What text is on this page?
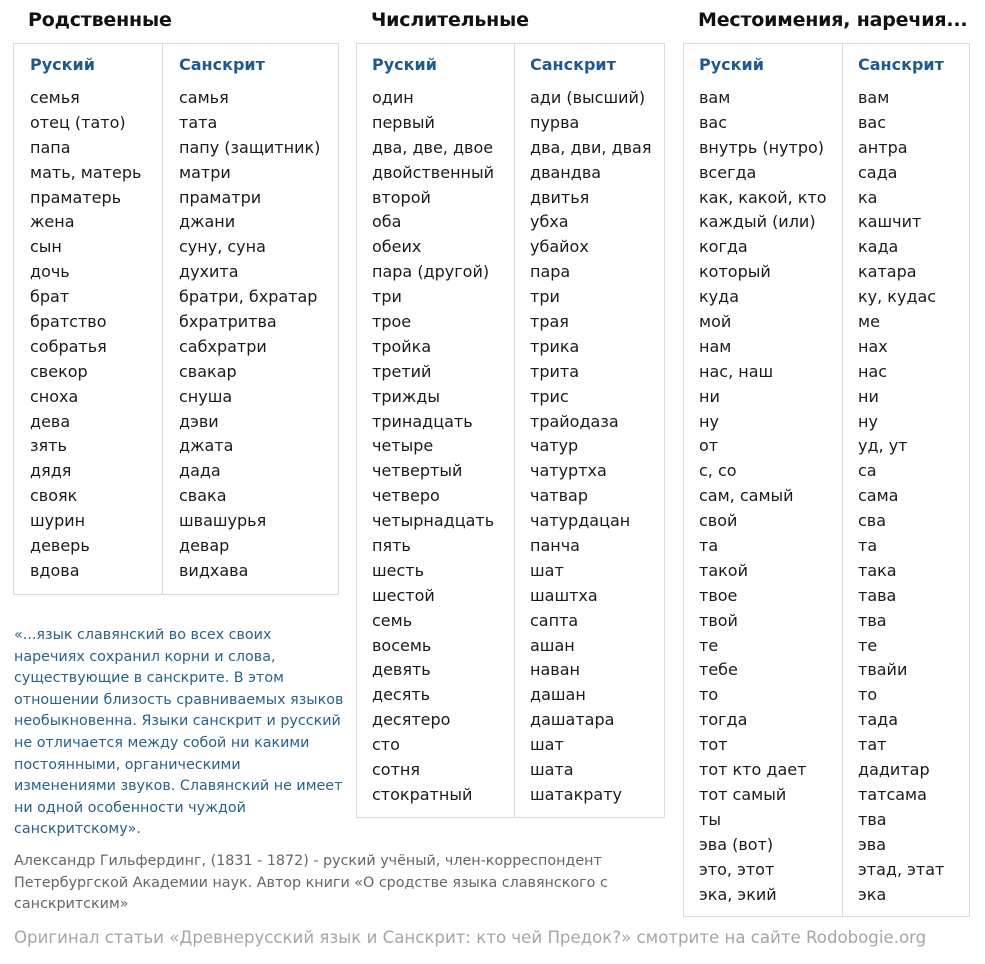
Родственные
Руский
семья
отец (тато)
папа
мать, матерь
праматерь
жена
сын
дочь
брат
братство
собратья
свекор
сноха
дева
зять
дядя
свояк
шурин
деверь
вдова
Санскрит
самья
тата
папу (защитник)
матри
праматри
джани
суну, суна
духита
братри, бхратар
бхратритва
сабхратри
свакар
снуша
дэви
джата
дада
свака
швашурья
девар
видхава
Числительные
Руский
один
первый
два, две, двое
двойственный
второй
оба
обеих
пара (другой)
три
трое
тройка
третий
трижды
тринадцать
четыре
четвертый
четверо
четырнадцать
пять
шесть
шестой
семь
восемь
девять
десять
десятеро
сто
сотня
стократный
Санскрит
ади (высший)
пурва
два, дви, двая
двандва
двитья
убха
убайох
пара
три
трая
трика
трита
трис
трайодаза
чатур
чатуртха
чатвар
чатурдацан
панча
шат
шаштха
сапта
ашан
наван
дашан
дашатара
шат
шата
шатакрату
Местоимения, наречия...
Руский
вам
вас
внутрь (нутро)
всегда
как, какой, кто
каждый (или)
когда
который
куда
мой
нам
нас, наш
ни
ну
от
с, со
сам, самый
свой
та
такой
твое
твой
те
тебе
то
тогда
тот
тот кто дает
тот самый
ты
эва (вот)
это, этот
эка, экий
Санскрит
вам
вас
антра
сада
ка
кашчит
када
катара
ку, кудас
ме
нах
нас
ни
ну
уд, ут
са
сама
сва
та
така
тава
тва
те
твайи
то
тада
тат
дадитар
татсама
тва
эва
этад, этат
эка

«...язык славянский во всех своих наречиях сохранил корни и слова, существующие в санскрите. В этом отношении близость сравниваемых языков необыкновенна. Языки санскрит и русский не отличается между собой ни какими постоянными, органическими изменениями звуков. Славянский не имеет ни одной особенности чуждой санскритскому».

Александр Гильфердинг, (1831 - 1872) - руский учёный, член-корреспондент Петербургской Академии наук. Автор книги «О сродстве языка славянского с санскритским»

Оригинал статьи «Древнерусский язык и Санскрит: кто чей Предок?» смотрите на сайте Rodobogie.org
